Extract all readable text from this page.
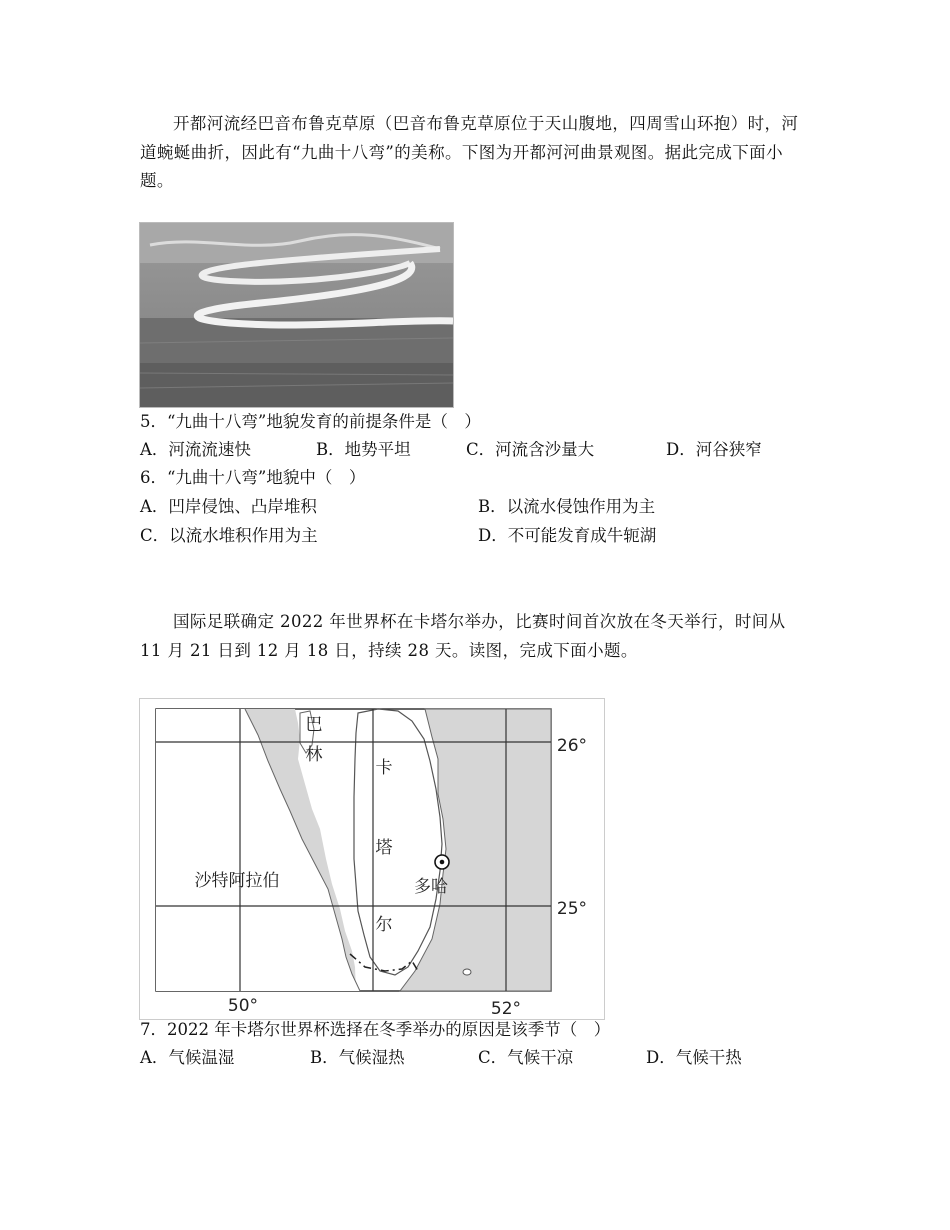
开都河流经巴音布鲁克草原（巴音布鲁克草原位于天山腹地，四周雪山环抱）时，河道蜿蜒曲折，因此有“九曲十八弯”的美称。下图为开都河河曲景观图。据此完成下面小题。
5．“九曲十八弯”地貌发育的前提条件是（　）
A．河流流速快	B．地势平坦	C．河流含沙量大	D．河谷狭窄
6．“九曲十八弯”地貌中（　）
A．凹岸侵蚀、凸岸堆积	B．以流水侵蚀作用为主
C．以流水堆积作用为主	D．不可能发育成牛轭湖
国际足联确定 2022 年世界杯在卡塔尔举办，比赛时间首次放在冬天举行，时间从 11 月 21 日到 12 月 18 日，持续 28 天。读图，完成下面小题。
巴
林
卡
塔
尔
多哈
沙特阿拉伯
26°
25°
50°	52°
7．2022 年卡塔尔世界杯选择在冬季举办的原因是该季节（　）
A．气候温湿	B．气候湿热	C．气候干凉	D．气候干热
